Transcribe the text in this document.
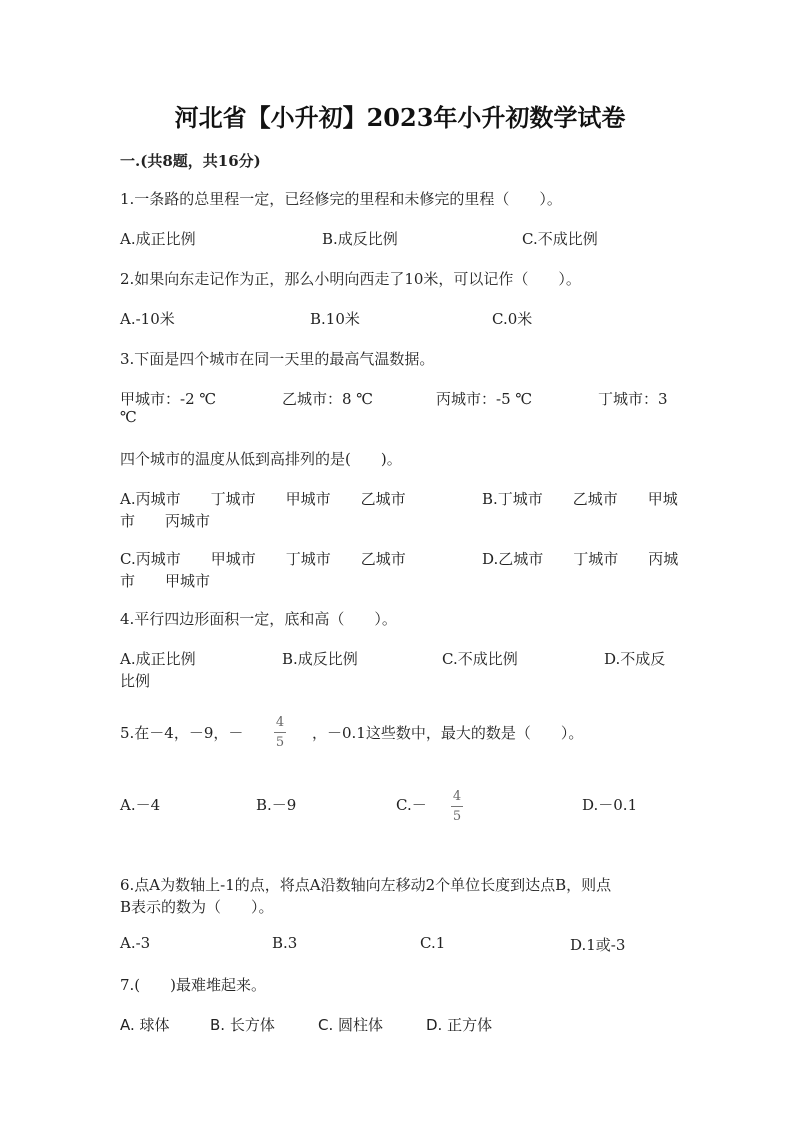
河北省【小升初】2023年小升初数学试卷
一.(共8题，共16分)
1.一条路的总里程一定，已经修完的里程和未修完的里程（　　）。
A.成正比例	B.成反比例	C.不成比例
2.如果向东走记作为正，那么小明向西走了10米，可以记作（　　）。
A.-10米	B.10米	C.0米
3.下面是四个城市在同一天里的最高气温数据。
甲城市：-2 ℃	乙城市：8 ℃	丙城市：-5 ℃	丁城市：3
℃
四个城市的温度从低到高排列的是(　　)。
A.丙城市　　丁城市　　甲城市　　乙城市	B.丁城市　　乙城市　　甲城
市　　丙城市
C.丙城市　　甲城市　　丁城市　　乙城市	D.乙城市　　丁城市　　丙城
市　　甲城市
4.平行四边形面积一定，底和高（　　）。
A.成正比例	B.成反比例	C.不成比例	D.不成反
比例
5.在－4，－9，－
4
5
，－0.1这些数中，最大的数是（　　）。
A.－4	B.－9	C.－ 4
5
D.－0.1
6.点A为数轴上-1的点，将点A沿数轴向左移动2个单位长度到达点B，则点
B表示的数为（　　）。
A.-3	B.3	C.1	D.1或-3
7.(　　)最难堆起来。
A. 球体	B. 长方体	C. 圆柱体	D. 正方体
